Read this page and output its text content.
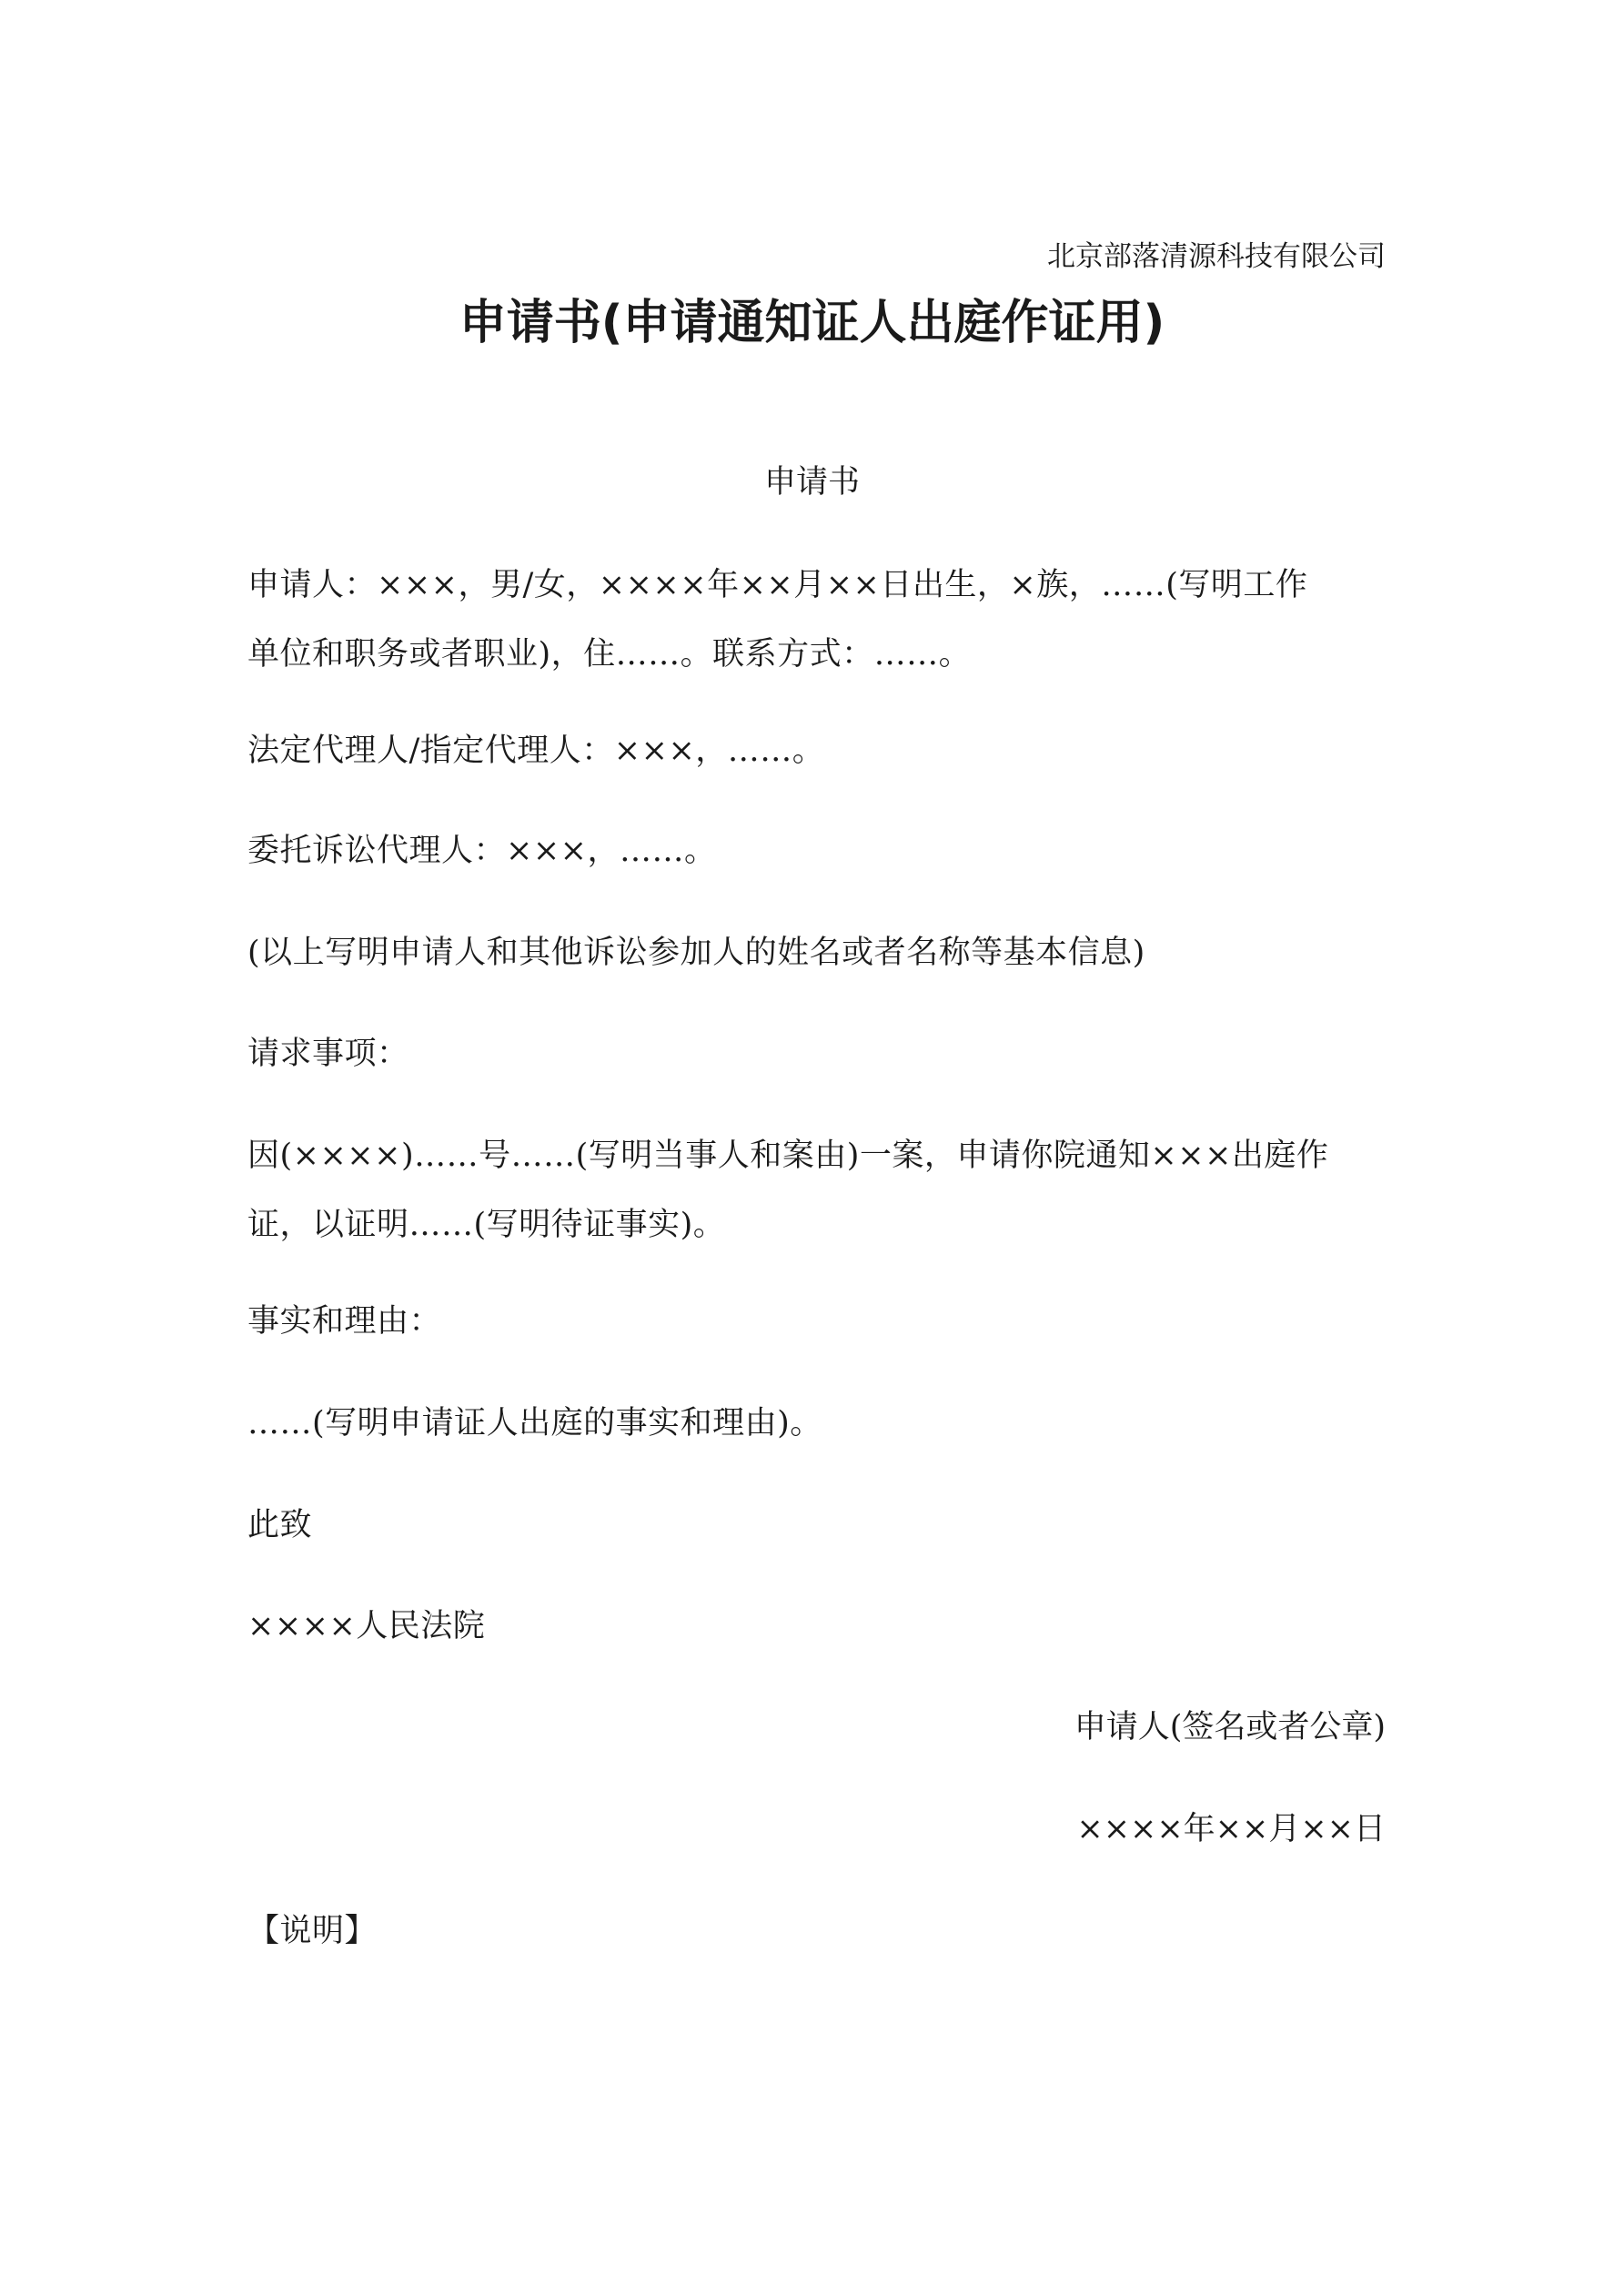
北京部落清源科技有限公司
申请书(申请通知证人出庭作证用)
申请书
申请人：×××，男/女，××××年××月××日出生，×族，……(写明工作
单位和职务或者职业)，住……。联系方式：……。
法定代理人/指定代理人：×××，……。
委托诉讼代理人：×××，……。
(以上写明申请人和其他诉讼参加人的姓名或者名称等基本信息)
请求事项：
因(××××)……号……(写明当事人和案由)一案，申请你院通知×××出庭作
证，以证明……(写明待证事实)。
事实和理由：
……(写明申请证人出庭的事实和理由)。
此致
××××人民法院
申请人(签名或者公章)
××××年××月××日
【说明】
